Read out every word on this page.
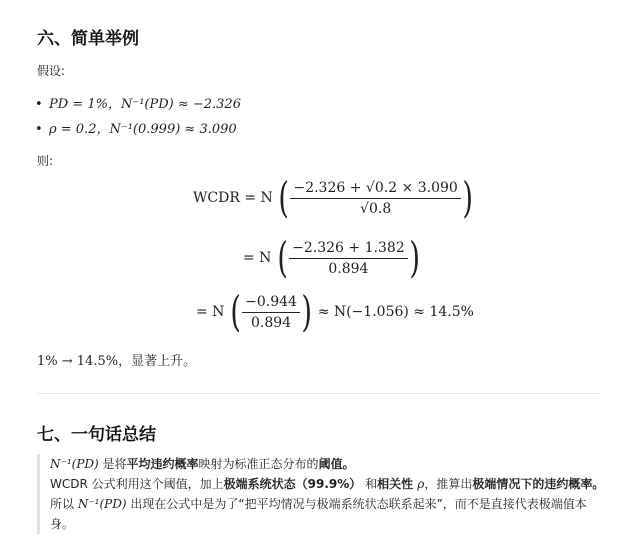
六、简单举例
假设:
• PD = 1%，N⁻¹(PD) ≈ −2.326
• ρ = 0.2，N⁻¹(0.999) ≈ 3.090
则:
WCDR = N ( $\frac{-2.326 + √0.2 \times 3.090}{√0.8}$ )
= N ( $\frac{-2.326 + 1.382}{0.894}$ )
= N ( $\frac{-0.944}{0.894}$ ) ≈ N(−1.056) ≈ 14.5%
1% → 14.5%，显著上升。
七、一句话总结
N⁻¹(PD) 是将平均违约概率映射为标准正态分布的阈值。
WCDR 公式利用这个阈值，加上极端系统状态（99.9%） 和相关性 ρ，推算出极端情况下的违约概率。
所以 N⁻¹(PD) 出现在公式中是为了“把平均情况与极端系统状态联系起来”，而不是直接代表极端值本身。
